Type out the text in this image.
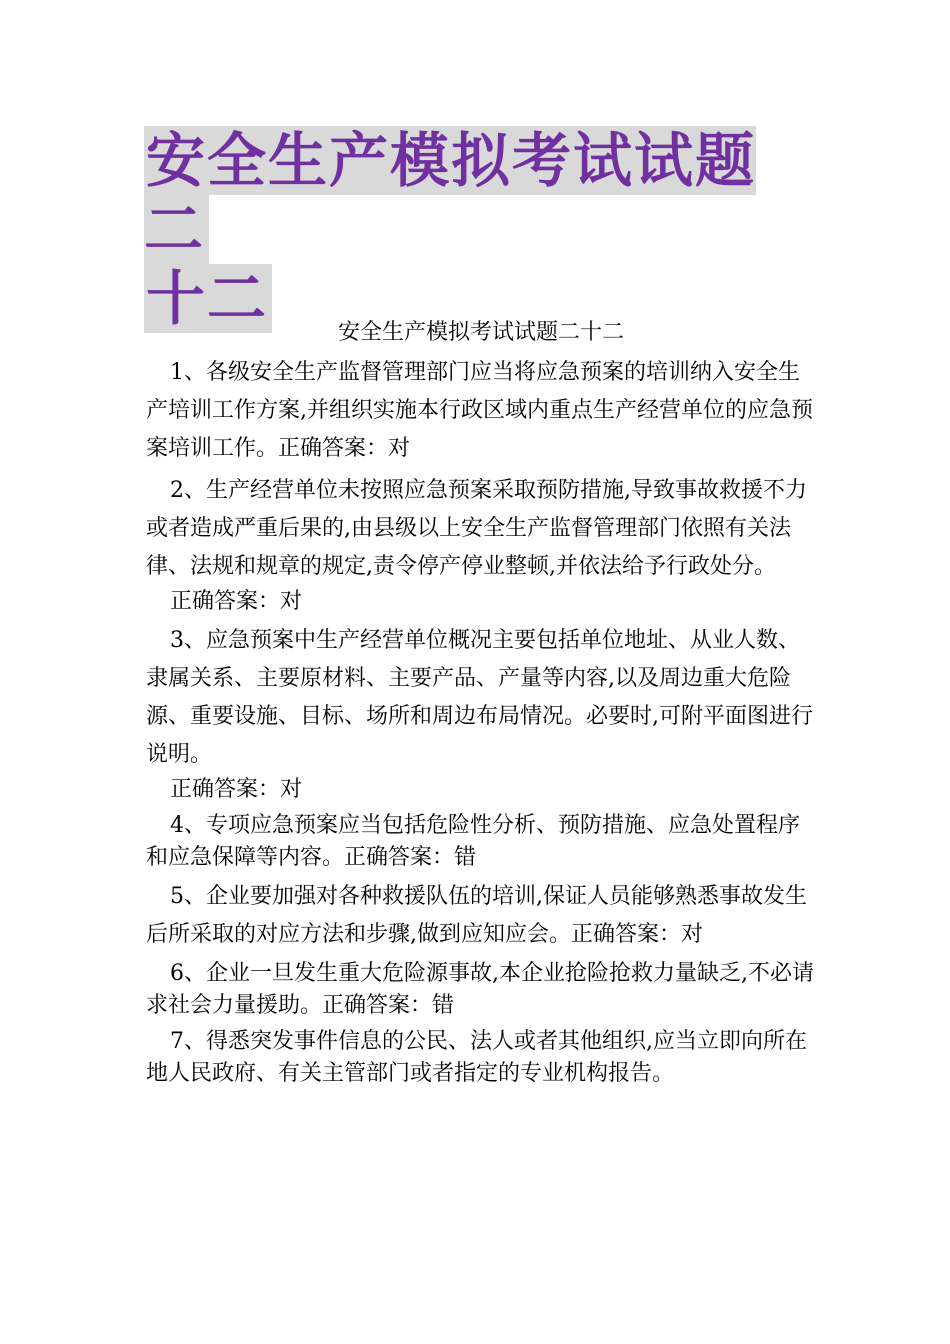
安全生产模拟考试试题二
十二	安全生产模拟考试试题二十二

1、各级安全生产监督管理部门应当将应急预案的培训纳入安全生产培训工作方案,并组织实施本行政区域内重点生产经营单位的应急预案培训工作。正确答案：对

2、生产经营单位未按照应急预案采取预防措施,导致事故救援不力或者造成严重后果的,由县级以上安全生产监督管理部门依照有关法律、法规和规章的规定,责令停产停业整顿,并依法给予行政处分。

正确答案：对

3、应急预案中生产经营单位概况主要包括单位地址、从业人数、隶属关系、主要原材料、主要产品、产量等内容,以及周边重大危险源、重要设施、目标、场所和周边布局情况。必要时,可附平面图进行说明。

正确答案：对

4、专项应急预案应当包括危险性分析、预防措施、应急处置程序和应急保障等内容。正确答案：错

5、企业要加强对各种救援队伍的培训,保证人员能够熟悉事故发生后所采取的对应方法和步骤,做到应知应会。正确答案：对

6、企业一旦发生重大危险源事故,本企业抢险抢救力量缺乏,不必请求社会力量援助。正确答案：错

7、得悉突发事件信息的公民、法人或者其他组织,应当立即向所在地人民政府、有关主管部门或者指定的专业机构报告。
